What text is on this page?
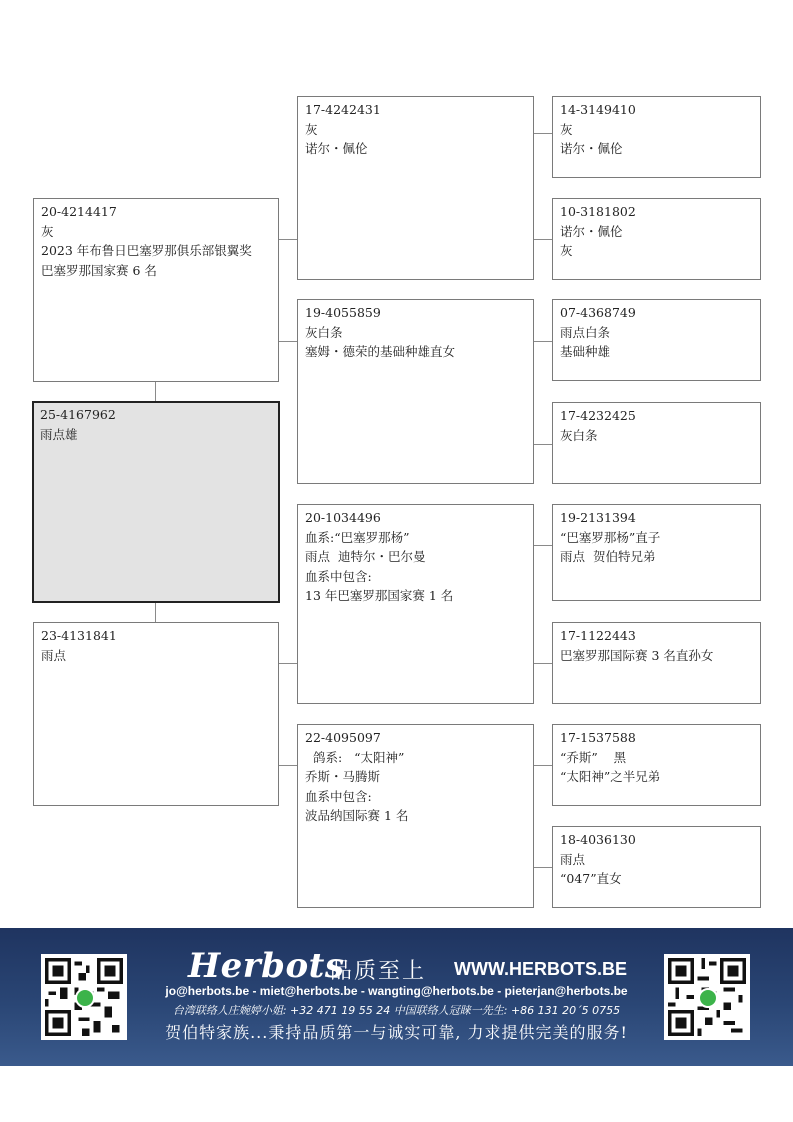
20-4214417
灰
2023 年布鲁日巴塞罗那俱乐部银翼奖
巴塞罗那国家赛 6 名
25-4167962
雨点雄
23-4131841
雨点
17-4242431
灰
诺尔・佩伦
19-4055859
灰白条
塞姆・德荣的基础种雄直女
20-1034496
血系:“巴塞罗那杨”
雨点  迪特尔・巴尔曼
血系中包含:
13 年巴塞罗那国家赛 1 名
22-4095097
鸽系:   “太阳神”
乔斯・马腾斯
血系中包含:
波品纳国际赛 1 名
14-3149410
灰
诺尔・佩伦
10-3181802
诺尔・佩伦
灰
07-4368749
雨点白条
基础种雄
17-4232425
灰白条
19-2131394
“巴塞罗那杨”直子
雨点  贺伯特兄弟
17-1122443
巴塞罗那国际赛 3 名直孙女
17-1537588
“乔斯”    黑
“太阳神”之半兄弟
18-4036130
雨点
“047”直女
Herbots
品质至上 WWW.HERBOTS.BE
jo@herbots.be - miet@herbots.be - wangting@herbots.be - pieterjan@herbots.be
台湾联络人庄婉婷小姐: +32 471 19 55 24 中国联络人冠睐一先生: +86 131 20´5 0755
贺伯特家族...秉持品质第一与诚实可靠, 力求提供完美的服务!
